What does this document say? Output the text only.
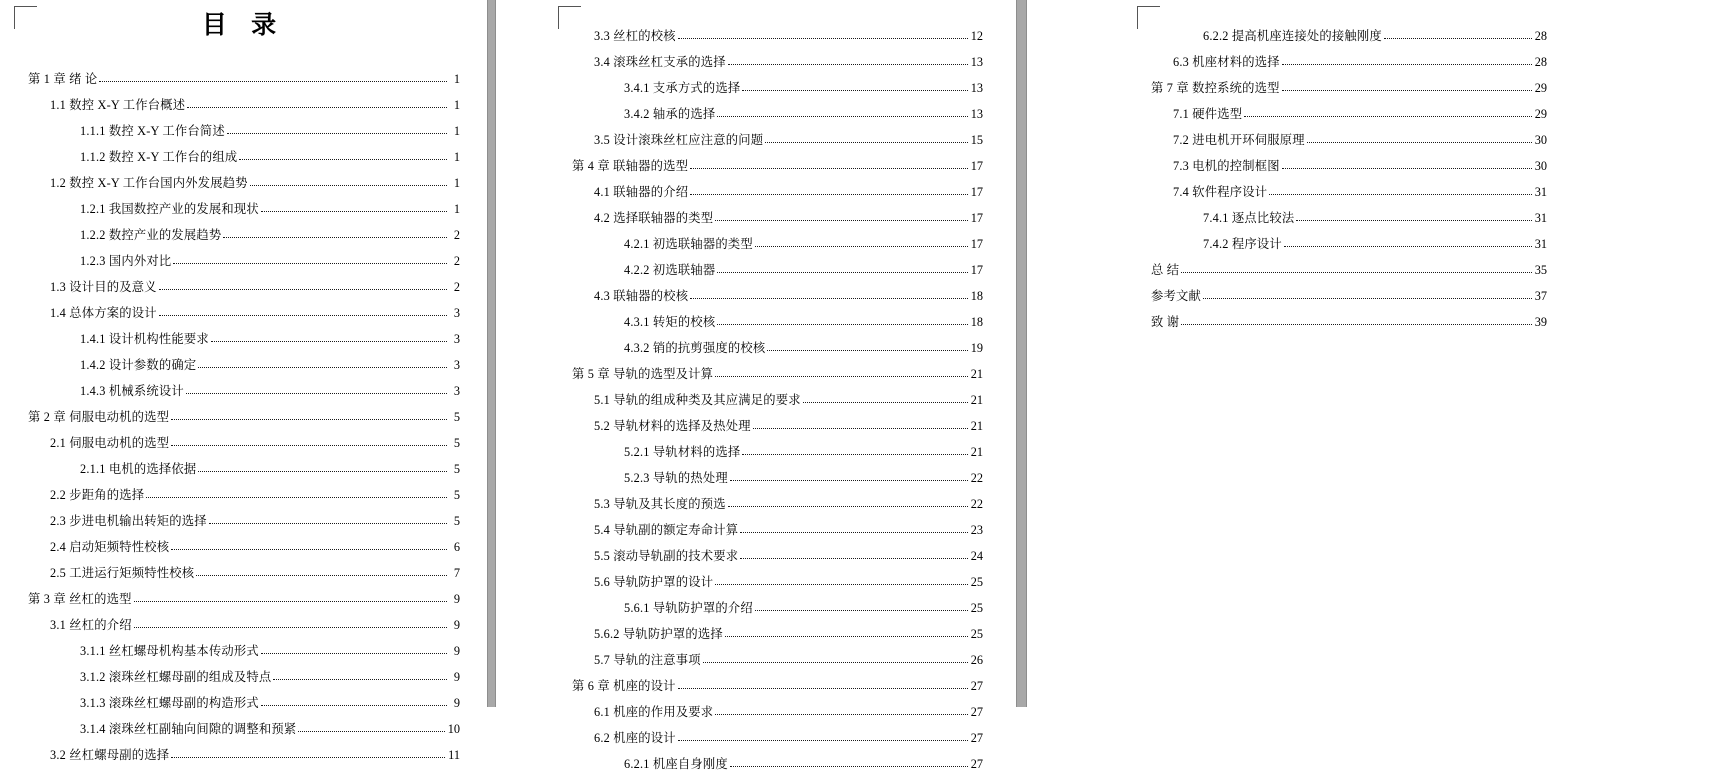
目 录
第 1 章 绪 论	1
1.1 数控 X-Y 工作台概述	1
1.1.1 数控 X-Y 工作台简述	1
1.1.2 数控 X-Y 工作台的组成	1
1.2 数控 X-Y 工作台国内外发展趋势	1
1.2.1 我国数控产业的发展和现状	1
1.2.2 数控产业的发展趋势	2
1.2.3 国内外对比	2
1.3 设计目的及意义	2
1.4 总体方案的设计	3
1.4.1 设计机构性能要求	3
1.4.2 设计参数的确定	3
1.4.3 机械系统设计	3
第 2 章 伺服电动机的选型	5
2.1 伺服电动机的选型	5
2.1.1 电机的选择依据	5
2.2 步距角的选择	5
2.3 步进电机输出转矩的选择	5
2.4 启动矩频特性校核	6
2.5 工进运行矩频特性校核	7
第 3 章 丝杠的选型	9
3.1 丝杠的介绍	9
3.1.1 丝杠螺母机构基本传动形式	9
3.1.2 滚珠丝杠螺母副的组成及特点	9
3.1.3 滚珠丝杠螺母副的构造形式	9
3.1.4 滚珠丝杠副轴向间隙的调整和预紧	10
3.2 丝杠螺母副的选择	11
3.3 丝杠的校核	12
3.4 滚珠丝杠支承的选择	13
3.4.1 支承方式的选择	13
3.4.2 轴承的选择	13
3.5 设计滚珠丝杠应注意的问题	15
第 4 章 联轴器的选型	17
4.1 联轴器的介绍	17
4.2 选择联轴器的类型	17
4.2.1 初选联轴器的类型	17
4.2.2 初选联轴器	17
4.3 联轴器的校核	18
4.3.1 转矩的校核	18
4.3.2 销的抗剪强度的校核	19
第 5 章 导轨的选型及计算	21
5.1 导轨的组成种类及其应满足的要求	21
5.2 导轨材料的选择及热处理	21
5.2.1 导轨材料的选择	21
5.2.3 导轨的热处理	22
5.3 导轨及其长度的预选	22
5.4 导轨副的额定寿命计算	23
5.5 滚动导轨副的技术要求	24
5.6 导轨防护罩的设计	25
5.6.1 导轨防护罩的介绍	25
5.6.2 导轨防护罩的选择	25
5.7 导轨的注意事项	26
第 6 章 机座的设计	27
6.1 机座的作用及要求	27
6.2 机座的设计	27
6.2.1 机座自身刚度	27
6.2.2 提高机座连接处的接触刚度	28
6.3 机座材料的选择	28
第 7 章 数控系统的选型	29
7.1 硬件选型	29
7.2 进电机开环伺服原理	30
7.3 电机的控制框图	30
7.4 软件程序设计	31
7.4.1 逐点比较法	31
7.4.2 程序设计	31
总 结	35
参考文献	37
致 谢	39
